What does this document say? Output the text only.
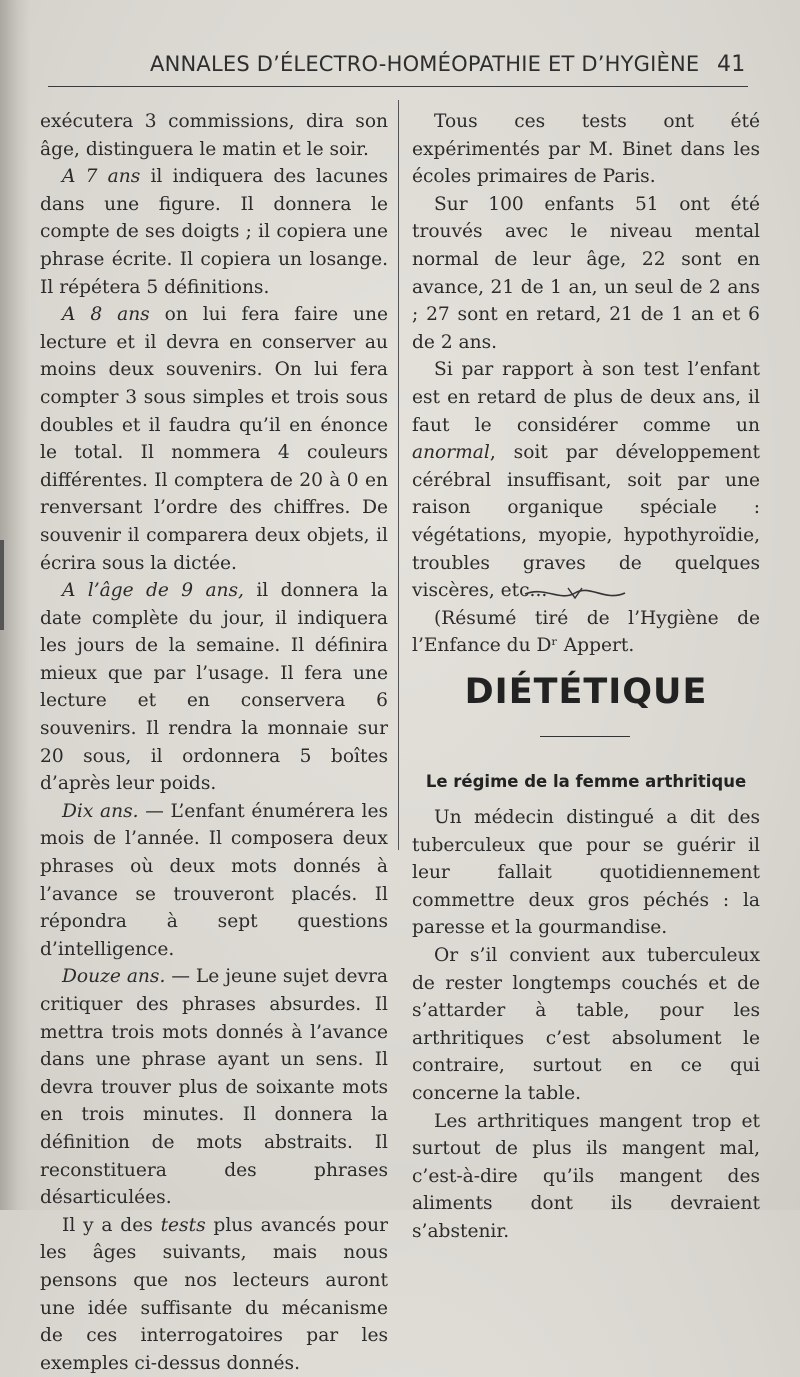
ANNALES D’ÉLECTRO-HOMÉOPATHIE ET D’HYGIÈNE 41

exécutera 3 commissions, dira son âge, distinguera le matin et le soir.

A 7 ans il indiquera des lacunes dans une figure. Il donnera le compte de ses doigts ; il copiera une phrase écrite. Il copiera un losange. Il répétera 5 définitions.

A 8 ans on lui fera faire une lecture et il devra en conserver au moins deux souvenirs. On lui fera compter 3 sous simples et trois sous doubles et il faudra qu’il en énonce le total. Il nommera 4 couleurs différentes. Il comptera de 20 à 0 en renversant l’ordre des chiffres. De souvenir il comparera deux objets, il écrira sous la dictée.

A l’âge de 9 ans, il donnera la date complète du jour, il indiquera les jours de la semaine. Il définira mieux que par l’usage. Il fera une lecture et en conservera 6 souvenirs. Il rendra la monnaie sur 20 sous, il ordonnera 5 boîtes d’après leur poids.

Dix ans. — L’enfant énumérera les mois de l’année. Il composera deux phrases où deux mots donnés à l’avance se trouveront placés. Il répondra à sept questions d’intelligence.

Douze ans. — Le jeune sujet devra critiquer des phrases absurdes. Il mettra trois mots donnés à l’avance dans une phrase ayant un sens. Il devra trouver plus de soixante mots en trois minutes. Il donnera la définition de mots abstraits. Il reconstituera des phrases désarticulées.

Il y a des tests plus avancés pour les âges suivants, mais nous pensons que nos lecteurs auront une idée suffisante du mécanisme de ces interrogatoires par les exemples ci-dessus donnés.

Tous ces tests ont été expérimentés par M. Binet dans les écoles primaires de Paris.

Sur 100 enfants 51 ont été trouvés avec le niveau mental normal de leur âge, 22 sont en avance, 21 de 1 an, un seul de 2 ans ; 27 sont en retard, 21 de 1 an et 6 de 2 ans.

Si par rapport à son test l’enfant est en retard de plus de deux ans, il faut le considérer comme un anormal, soit par développement cérébral insuffisant, soit par une raison organique spéciale : végétations, myopie, hypothyroïdie, troubles graves de quelques viscères, etc...

(Résumé tiré de l’Hygiène de l’Enfance du Dʳ Appert.

DIÉTÉTIQUE
Le régime de la femme arthritique

Un médecin distingué a dit des tuberculeux que pour se guérir il leur fallait quotidiennement commettre deux gros péchés : la paresse et la gourmandise.

Or s’il convient aux tuberculeux de rester longtemps couchés et de s’attarder à table, pour les arthritiques c’est absolument le contraire, surtout en ce qui concerne la table.

Les arthritiques mangent trop et surtout de plus ils mangent mal, c’est-à-dire qu’ils mangent des aliments dont ils devraient s’abstenir.
